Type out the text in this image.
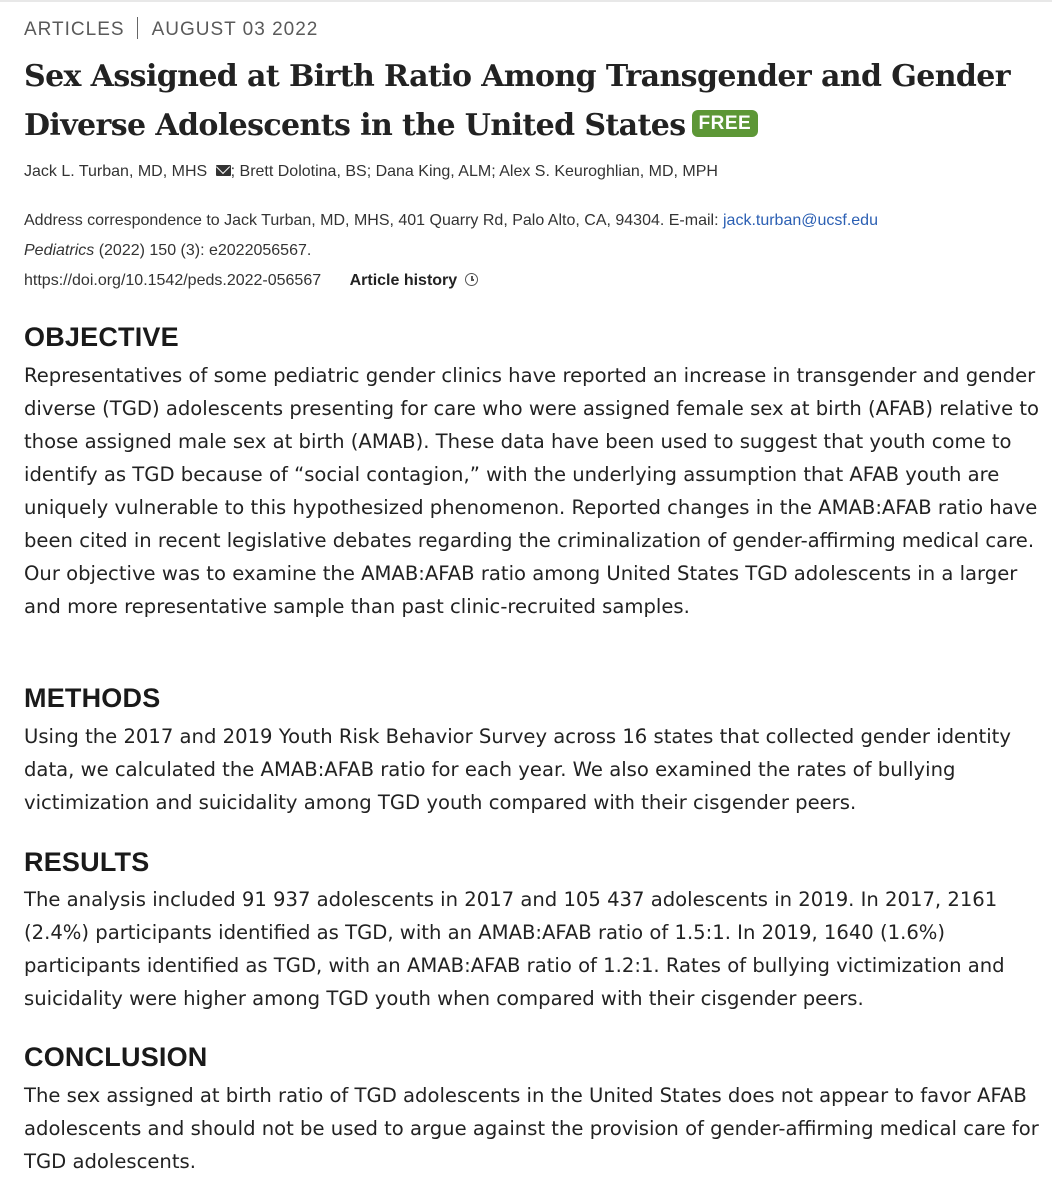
ARTICLES AUGUST 03 2022
Sex Assigned at Birth Ratio Among Transgender and Gender Diverse Adolescents in the United States FREE
Jack L. Turban, MD, MHS ; Brett Dolotina, BS; Dana King, ALM; Alex S. Keuroghlian, MD, MPH
Address correspondence to Jack Turban, MD, MHS, 401 Quarry Rd, Palo Alto, CA, 94304. E-mail: jack.turban@ucsf.edu
Pediatrics (2022) 150 (3): e2022056567.
https://doi.org/10.1542/peds.2022-056567 Article history
OBJECTIVE
Representatives of some pediatric gender clinics have reported an increase in transgender and gender diverse (TGD) adolescents presenting for care who were assigned female sex at birth (AFAB) relative to those assigned male sex at birth (AMAB). These data have been used to suggest that youth come to identify as TGD because of “social contagion,” with the underlying assumption that AFAB youth are uniquely vulnerable to this hypothesized phenomenon. Reported changes in the AMAB:AFAB ratio have been cited in recent legislative debates regarding the criminalization of gender-affirming medical care. Our objective was to examine the AMAB:AFAB ratio among United States TGD adolescents in a larger and more representative sample than past clinic-recruited samples.
METHODS
Using the 2017 and 2019 Youth Risk Behavior Survey across 16 states that collected gender identity data, we calculated the AMAB:AFAB ratio for each year. We also examined the rates of bullying victimization and suicidality among TGD youth compared with their cisgender peers.
RESULTS
The analysis included 91 937 adolescents in 2017 and 105 437 adolescents in 2019. In 2017, 2161 (2.4%) participants identified as TGD, with an AMAB:AFAB ratio of 1.5:1. In 2019, 1640 (1.6%) participants identified as TGD, with an AMAB:AFAB ratio of 1.2:1. Rates of bullying victimization and suicidality were higher among TGD youth when compared with their cisgender peers.
CONCLUSION
The sex assigned at birth ratio of TGD adolescents in the United States does not appear to favor AFAB adolescents and should not be used to argue against the provision of gender-affirming medical care for TGD adolescents.
